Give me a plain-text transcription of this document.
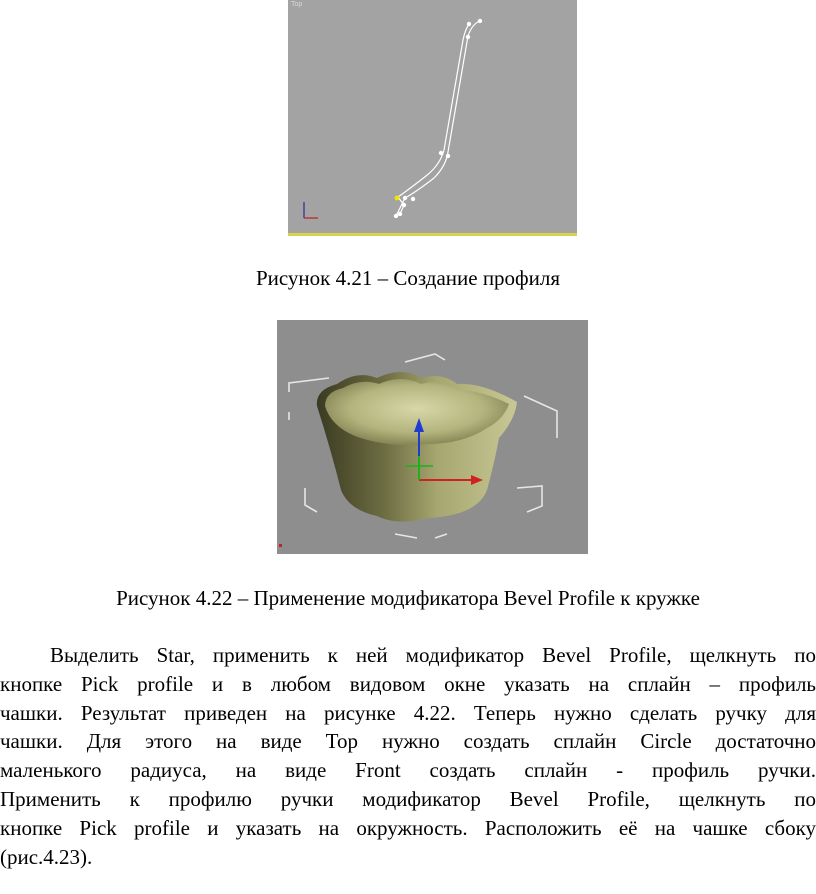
Top
Рисунок 4.21 – Создание профиля
Рисунок 4.22 – Применение модификатора Bevel Profile к кружке
Выделить Star, применить к ней модификатор Bevel Profile, щелкнуть по
кнопке Pick profile и в любом видовом окне указать на сплайн – профиль
чашки. Результат приведен на рисунке 4.22. Теперь нужно сделать ручку для
чашки. Для этого на виде Top нужно создать сплайн Circle достаточно
маленького радиуса, на виде Front создать сплайн - профиль ручки.
Применить к профилю ручки модификатор Bevel Profile, щелкнуть по
кнопке Pick profile и указать на окружность. Расположить её на чашке сбоку
(рис.4.23).
